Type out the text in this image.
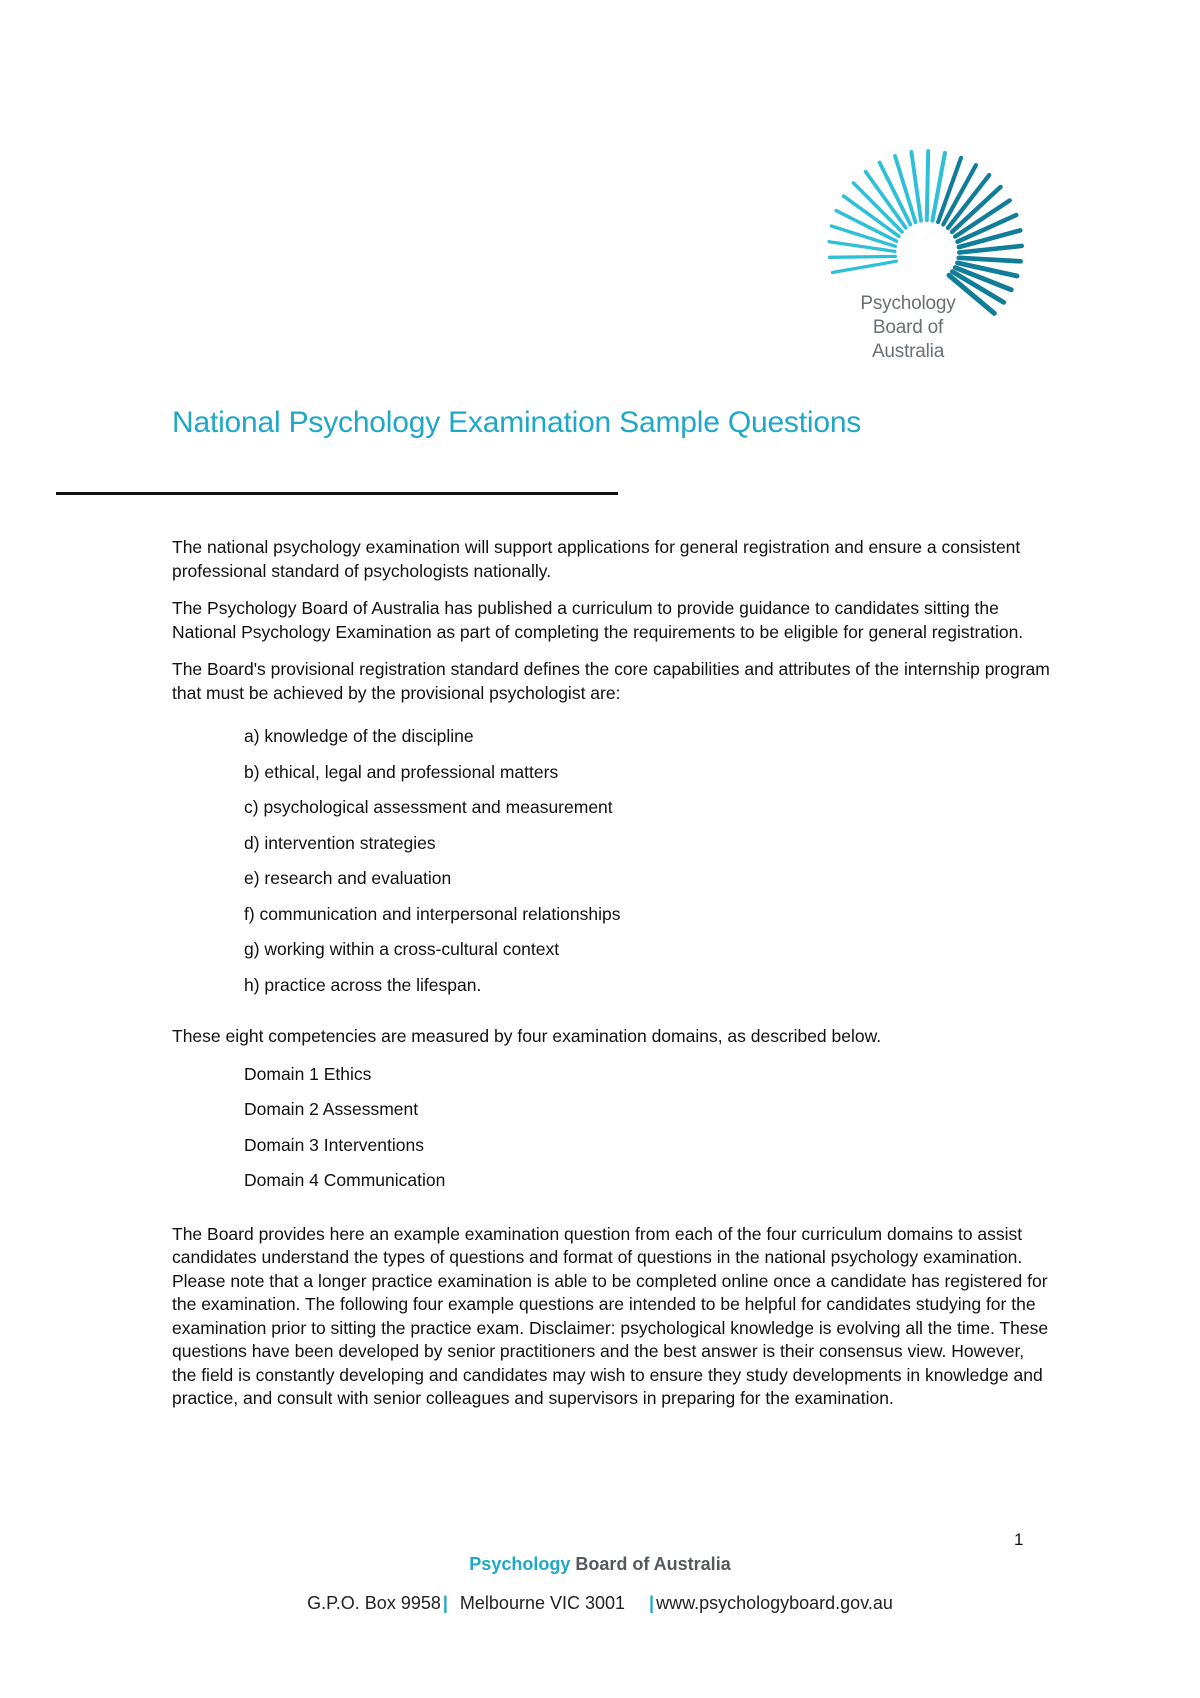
Psychology
Board of
Australia
National Psychology Examination Sample Questions

The national psychology examination will support applications for general registration and ensure a consistent professional standard of psychologists nationally.

The Psychology Board of Australia has published a curriculum to provide guidance to candidates sitting the National Psychology Examination as part of completing the requirements to be eligible for general registration.

The Board's provisional registration standard defines the core capabilities and attributes of the internship program that must be achieved by the provisional psychologist are:

a) knowledge of the discipline
b) ethical, legal and professional matters
c) psychological assessment and measurement
d) intervention strategies
e) research and evaluation
f) communication and interpersonal relationships
g) working within a cross-cultural context
h) practice across the lifespan.

These eight competencies are measured by four examination domains, as described below.

Domain 1 Ethics
Domain 2 Assessment
Domain 3 Interventions
Domain 4 Communication

The Board provides here an example examination question from each of the four curriculum domains to assist candidates understand the types of questions and format of questions in the national psychology examination. Please note that a longer practice examination is able to be completed online once a candidate has registered for the examination. The following four example questions are intended to be helpful for candidates studying for the examination prior to sitting the practice exam. Disclaimer: psychological knowledge is evolving all the time. These questions have been developed by senior practitioners and the best answer is their consensus view. However, the field is constantly developing and candidates may wish to ensure they study developments in knowledge and practice, and consult with senior colleagues and supervisors in preparing for the examination.

1
Psychology Board of Australia
G.P.O. Box 9958 | Melbourne VIC 3001 | www.psychologyboard.gov.au
